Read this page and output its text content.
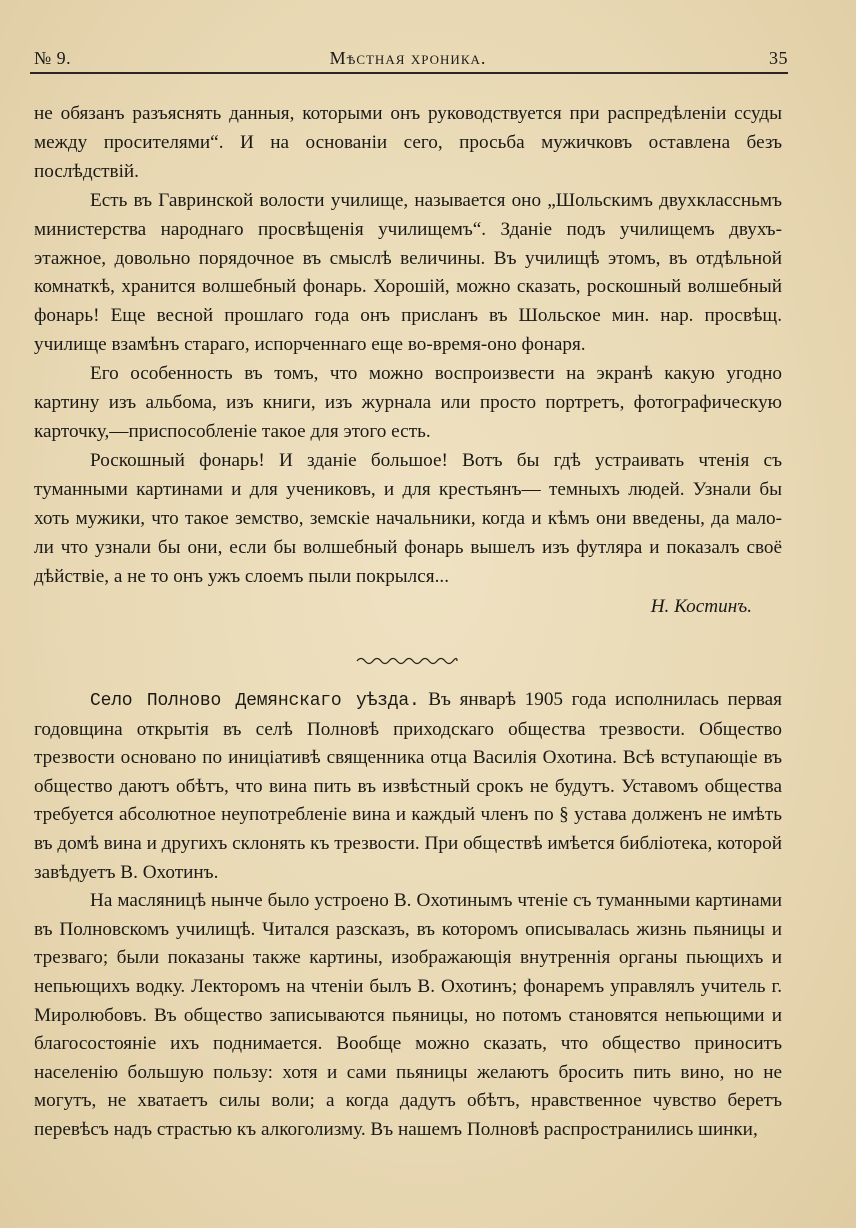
№ 9.	Мѣстная хроника.	35

не обязанъ разъяснять данныя, которыми онъ руководствуется при распредѣленіи ссуды между просителями“. И на основаніи сего, просьба мужичковъ оставлена безъ послѣдствій.

Есть въ Гавринской волости училище, называется оно „Шольскимъ двухклассньмъ министерства народнаго просвѣщенія училищемъ“. Зданіе подъ училищемъ двухъ-этажное, довольно порядочное въ смыслѣ величины. Въ училищѣ этомъ, въ отдѣльной комнаткѣ, хранится волшебный фонарь. Хорошій, можно сказать, роскошный волшебный фонарь! Еще весной прошлаго года онъ присланъ въ Шольское мин. нар. просвѣщ. училище взамѣнъ стараго, испорченнаго еще во-время-оно фонаря.

Его особенность въ томъ, что можно воспроизвести на экранѣ какую угодно картину изъ альбома, изъ книги, изъ журнала или просто портретъ, фотографическую карточку,—приспособленіе такое для этого есть.

Роскошный фонарь! И зданіе большое! Вотъ бы гдѣ устраивать чтенія съ туманными картинами и для учениковъ, и для крестьянъ— темныхъ людей. Узнали бы хоть мужики, что такое земство, земскіе начальники, когда и кѣмъ они введены, да мало-ли что узнали бы они, если бы волшебный фонарь вышелъ изъ футляра и показалъ своё дѣйствіе, а не то онъ ужъ слоемъ пыли покрылся...

Н. Костинъ.

Село Полново Демянскаго уѣзда. Въ январѣ 1905 года исполнилась первая годовщина открытія въ селѣ Полновѣ приходскаго общества трезвости. Общество трезвости основано по иниціативѣ священника отца Василія Охотина. Всѣ вступающіе въ общество даютъ обѣтъ, что вина пить въ извѣстный срокъ не будутъ. Уставомъ общества требуется абсолютное неупотребленіе вина и каждый членъ по § устава долженъ не имѣть въ домѣ вина и другихъ склонять къ трезвости. При обществѣ имѣется библіотека, которой завѣдуетъ В. Охотинъ.

На масляницѣ нынче было устроено В. Охотинымъ чтеніе съ туманными картинами въ Полновскомъ училищѣ. Читался разсказъ, въ которомъ описывалась жизнь пьяницы и трезваго; были показаны также картины, изображающія внутреннія органы пьющихъ и непьющихъ водку. Лекторомъ на чтеніи былъ В. Охотинъ; фонаремъ управлялъ учитель г. Миролюбовъ. Въ общество записываются пьяницы, но потомъ становятся непьющими и благосостояніе ихъ поднимается. Вообще можно сказать, что общество приноситъ населенію большую пользу: хотя и сами пьяницы желаютъ бросить пить вино, но не могутъ, не хватаетъ силы воли; а когда дадутъ обѣтъ, нравственное чувство беретъ перевѣсъ надъ страстью къ алкоголизму. Въ нашемъ Полновѣ распространились шинки,
